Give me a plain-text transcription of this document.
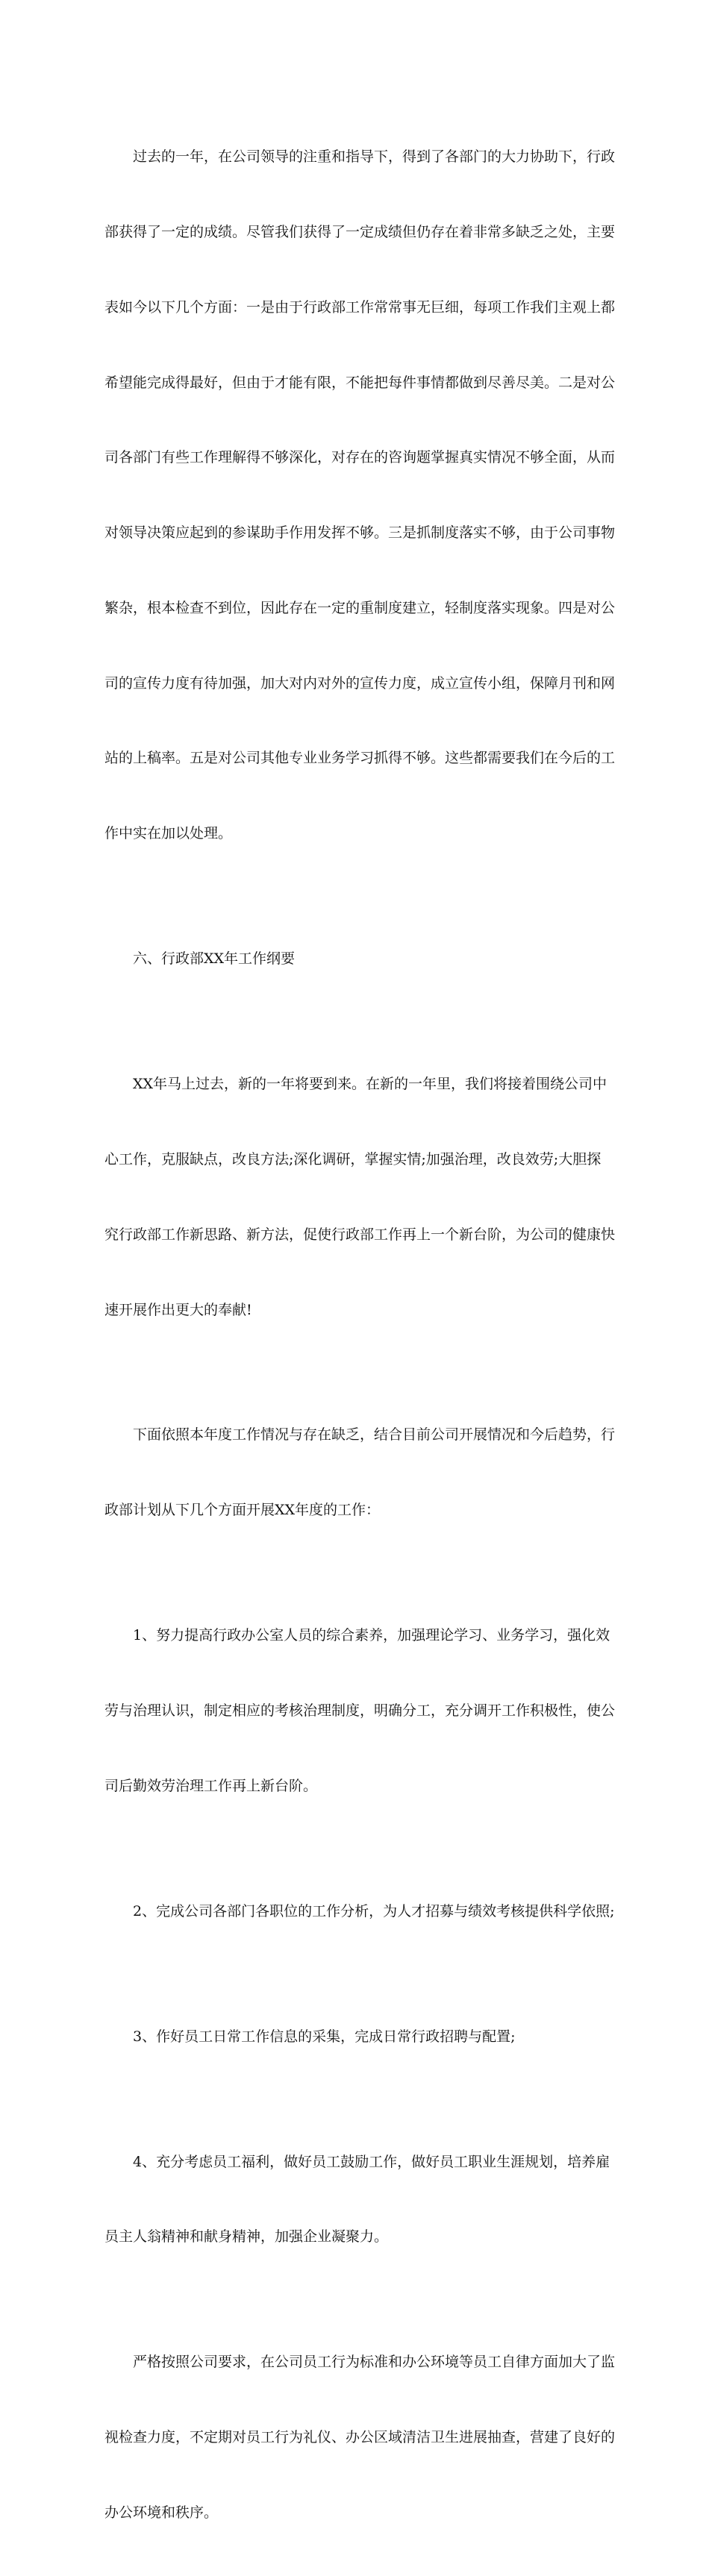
过去的一年，在公司领导的注重和指导下，得到了各部门的大力协助下，行政

部获得了一定的成绩。尽管我们获得了一定成绩但仍存在着非常多缺乏之处，主要

表如今以下几个方面：一是由于行政部工作常常事无巨细，每项工作我们主观上都

希望能完成得最好，但由于才能有限，不能把每件事情都做到尽善尽美。二是对公

司各部门有些工作理解得不够深化，对存在的咨询题掌握真实情况不够全面，从而

对领导决策应起到的参谋助手作用发挥不够。三是抓制度落实不够，由于公司事物

繁杂，根本检查不到位，因此存在一定的重制度建立，轻制度落实现象。四是对公

司的宣传力度有待加强，加大对内对外的宣传力度，成立宣传小组，保障月刊和网

站的上稿率。五是对公司其他专业业务学习抓得不够。这些都需要我们在今后的工

作中实在加以处理。

六、行政部XX年工作纲要

XX年马上过去，新的一年将要到来。在新的一年里，我们将接着围绕公司中

心工作，克服缺点，改良方法;深化调研，掌握实情;加强治理，改良效劳;大胆探

究行政部工作新思路、新方法，促使行政部工作再上一个新台阶，为公司的健康快

速开展作出更大的奉献!

下面依照本年度工作情况与存在缺乏，结合目前公司开展情况和今后趋势，行

政部计划从下几个方面开展XX年度的工作：

1、努力提高行政办公室人员的综合素养，加强理论学习、业务学习，强化效

劳与治理认识，制定相应的考核治理制度，明确分工，充分调开工作积极性，使公

司后勤效劳治理工作再上新台阶。

2、完成公司各部门各职位的工作分析，为人才招募与绩效考核提供科学依照;

3、作好员工日常工作信息的采集，完成日常行政招聘与配置;

4、充分考虑员工福利，做好员工鼓励工作，做好员工职业生涯规划，培养雇

员主人翁精神和献身精神，加强企业凝聚力。

严格按照公司要求，在公司员工行为标准和办公环境等员工自律方面加大了监

视检查力度，不定期对员工行为礼仪、办公区域清洁卫生进展抽查，营建了良好的

办公环境和秩序。
